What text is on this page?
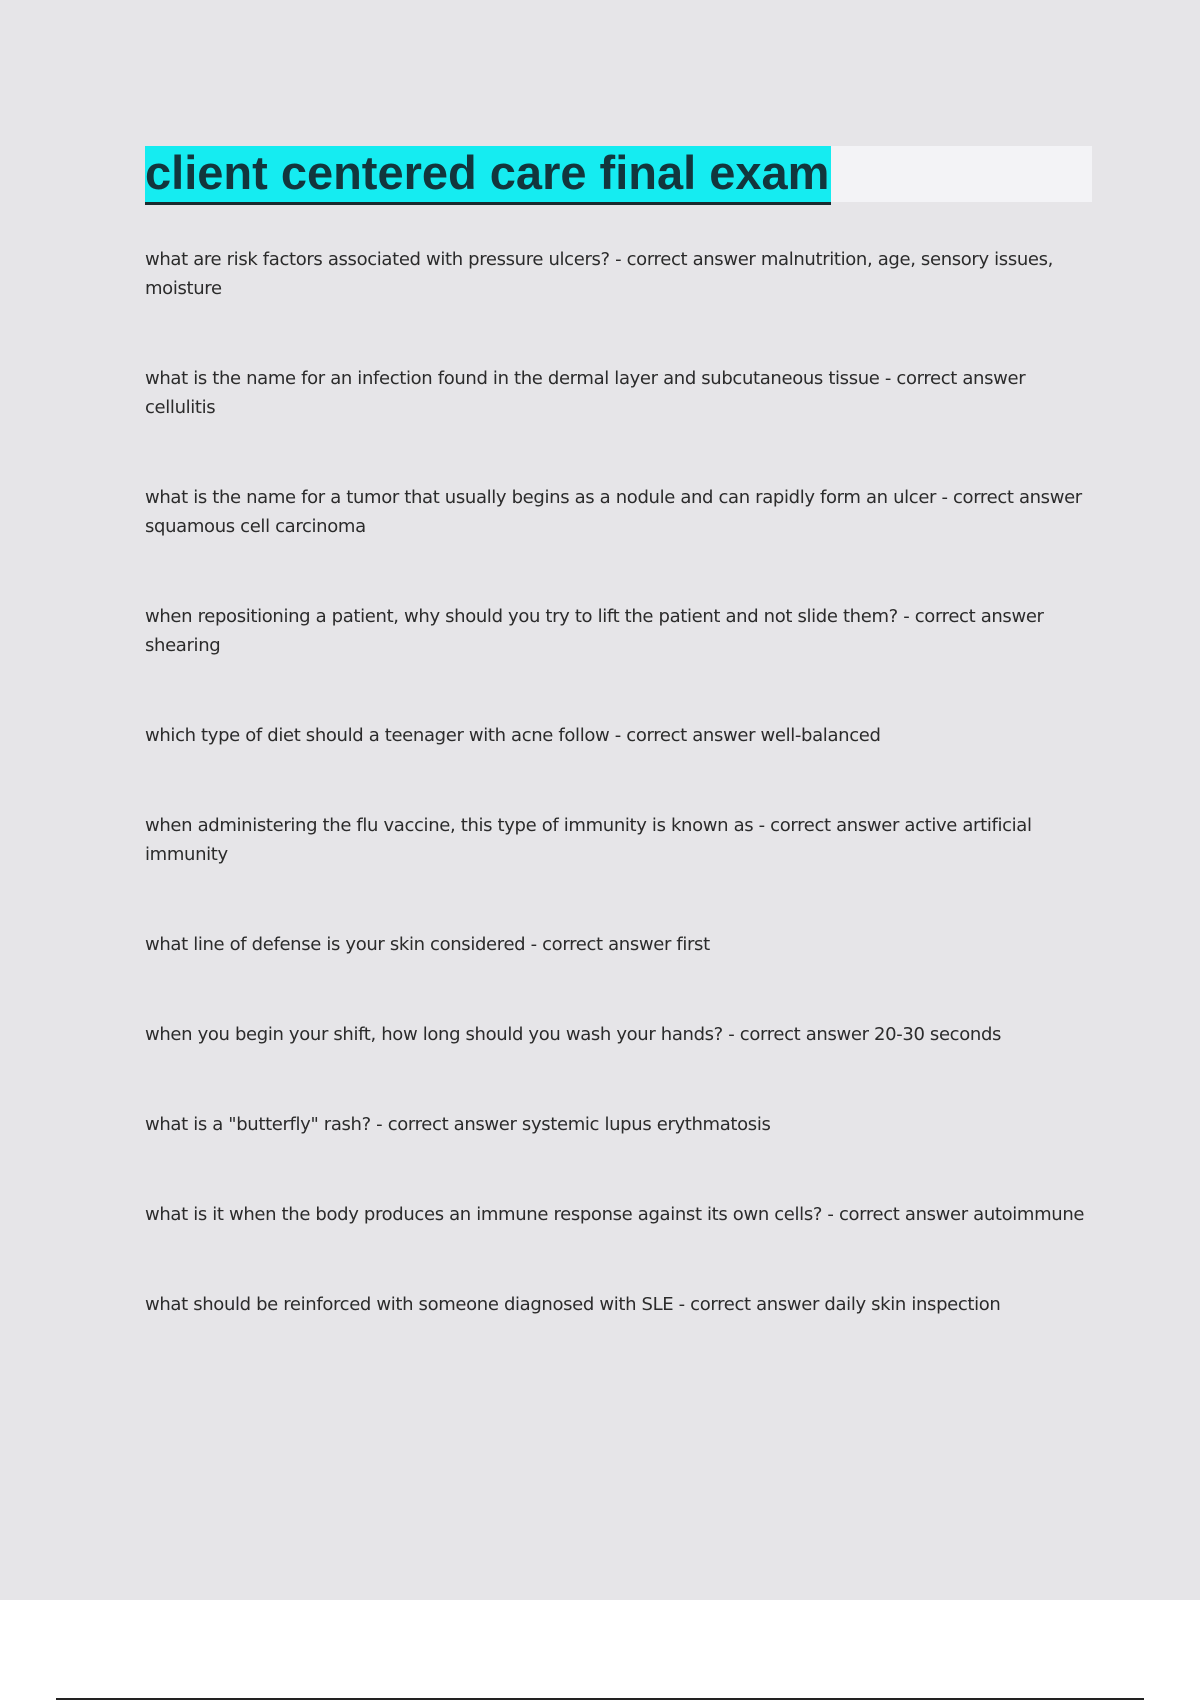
client centered care final exam
what are risk factors associated with pressure ulcers? - correct answer malnutrition, age, sensory issues, moisture
what is the name for an infection found in the dermal layer and subcutaneous tissue - correct answer cellulitis
what is the name for a tumor that usually begins as a nodule and can rapidly form an ulcer - correct answer squamous cell carcinoma
when repositioning a patient, why should you try to lift the patient and not slide them? - correct answer shearing
which type of diet should a teenager with acne follow - correct answer well-balanced
when administering the flu vaccine, this type of immunity is known as - correct answer active artificial immunity
what line of defense is your skin considered - correct answer first
when you begin your shift, how long should you wash your hands? - correct answer 20-30 seconds
what is a "butterfly" rash? - correct answer systemic lupus erythmatosis
what is it when the body produces an immune response against its own cells? - correct answer autoimmune
what should be reinforced with someone diagnosed with SLE - correct answer daily skin inspection
